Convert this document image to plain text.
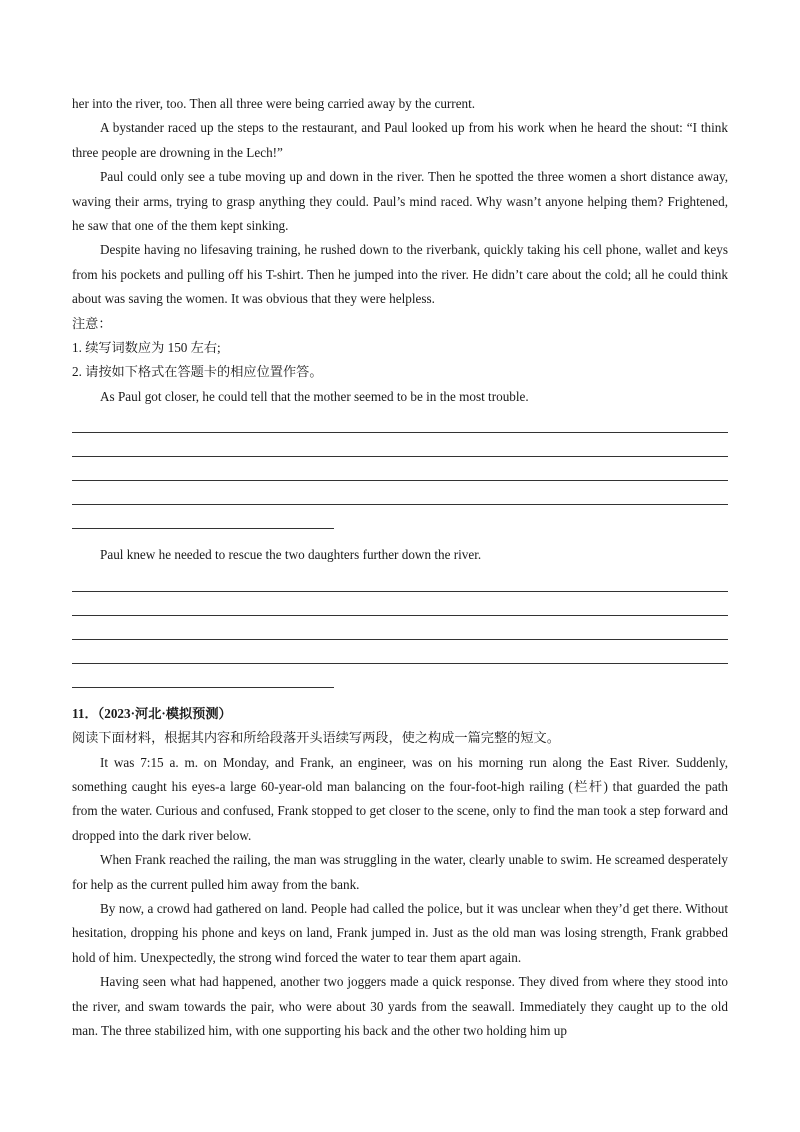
her into the river, too. Then all three were being carried away by the current.

A bystander raced up the steps to the restaurant, and Paul looked up from his work when he heard the shout: “I think three people are drowning in the Lech!”

Paul could only see a tube moving up and down in the river. Then he spotted the three women a short distance away, waving their arms, trying to grasp anything they could. Paul’s mind raced. Why wasn’t anyone helping them? Frightened, he saw that one of the them kept sinking.

Despite having no lifesaving training, he rushed down to the riverbank, quickly taking his cell phone, wallet and keys from his pockets and pulling off his T-shirt. Then he jumped into the river. He didn’t care about the cold; all he could think about was saving the women. It was obvious that they were helpless.

注意：

1. 续写词数应为 150 左右;

2. 请按如下格式在答题卡的相应位置作答。

As Paul got closer, he could tell that the mother seemed to be in the most trouble.

Paul knew he needed to rescue the two daughters further down the river.

11．（2023·河北·模拟预测）

阅读下面材料，根据其内容和所给段落开头语续写两段，使之构成一篇完整的短文。

It was 7:15 a. m. on Monday, and Frank, an engineer, was on his morning run along the East River. Suddenly, something caught his eyes-a large 60-year-old man balancing on the four-foot-high railing (栏杆) that guarded the path from the water. Curious and confused, Frank stopped to get closer to the scene, only to find the man took a step forward and dropped into the dark river below.

When Frank reached the railing, the man was struggling in the water, clearly unable to swim. He screamed desperately for help as the current pulled him away from the bank.

By now, a crowd had gathered on land. People had called the police, but it was unclear when they’d get there. Without hesitation, dropping his phone and keys on land, Frank jumped in. Just as the old man was losing strength, Frank grabbed hold of him. Unexpectedly, the strong wind forced the water to tear them apart again.

Having seen what had happened, another two joggers made a quick response. They dived from where they stood into the river, and swam towards the pair, who were about 30 yards from the seawall. Immediately they caught up to the old man. The three stabilized him, with one supporting his back and the other two holding him up
